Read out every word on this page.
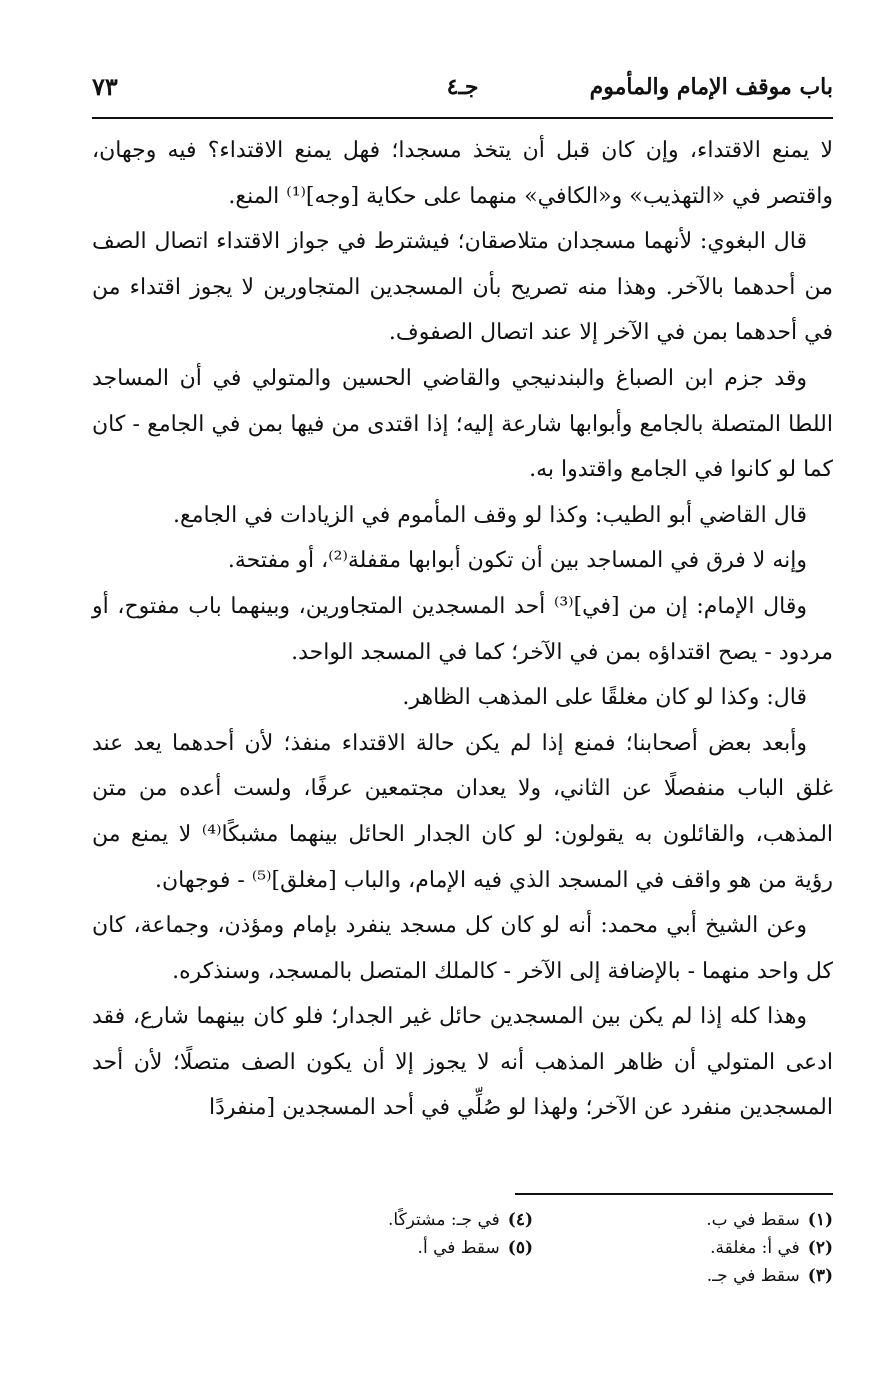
باب موقف الإمام والمأموم
جـ٤
٧٣

لا يمنع الاقتداء، وإن كان قبل أن يتخذ مسجدا؛ فهل يمنع الاقتداء؟ فيه وجهان، واقتصر في «التهذيب» و«الكافي» منهما على حكاية [وجه]⁽¹⁾ المنع.

قال البغوي: لأنهما مسجدان متلاصقان؛ فيشترط في جواز الاقتداء اتصال الصف من أحدهما بالآخر. وهذا منه تصريح بأن المسجدين المتجاورين لا يجوز اقتداء من في أحدهما بمن في الآخر إلا عند اتصال الصفوف.

وقد جزم ابن الصباغ والبندنيجي والقاضي الحسين والمتولي في أن المساجد اللطا المتصلة بالجامع وأبوابها شارعة إليه؛ إذا اقتدى من فيها بمن في الجامع - كان كما لو كانوا في الجامع واقتدوا به.

قال القاضي أبو الطيب: وكذا لو وقف المأموم في الزيادات في الجامع.

وإنه لا فرق في المساجد بين أن تكون أبوابها مقفلة⁽²⁾، أو مفتحة.

وقال الإمام: إن من [في]⁽³⁾ أحد المسجدين المتجاورين، وبينهما باب مفتوح، أو مردود - يصح اقتداؤه بمن في الآخر؛ كما في المسجد الواحد.

قال: وكذا لو كان مغلقًا على المذهب الظاهر.

وأبعد بعض أصحابنا؛ فمنع إذا لم يكن حالة الاقتداء منفذ؛ لأن أحدهما يعد عند غلق الباب منفصلًا عن الثاني، ولا يعدان مجتمعين عرفًا، ولست أعده من متن المذهب، والقائلون به يقولون: لو كان الجدار الحائل بينهما مشبكًا⁽⁴⁾ لا يمنع من رؤية من هو واقف في المسجد الذي فيه الإمام، والباب [مغلق]⁽⁵⁾ - فوجهان.

وعن الشيخ أبي محمد: أنه لو كان كل مسجد ينفرد بإمام ومؤذن، وجماعة، كان كل واحد منهما - بالإضافة إلى الآخر - كالملك المتصل بالمسجد، وسنذكره.

وهذا كله إذا لم يكن بين المسجدين حائل غير الجدار؛ فلو كان بينهما شارع، فقد ادعى المتولي أن ظاهر المذهب أنه لا يجوز إلا أن يكون الصف متصلًا؛ لأن أحد المسجدين منفرد عن الآخر؛ ولهذا لو صُلِّي في أحد المسجدين [منفردًا

(١)سقط في ب.
(٢)في أ: مغلقة.
(٣)سقط في جـ.
(٤)في جـ: مشتركًا.
(٥)سقط في أ.
